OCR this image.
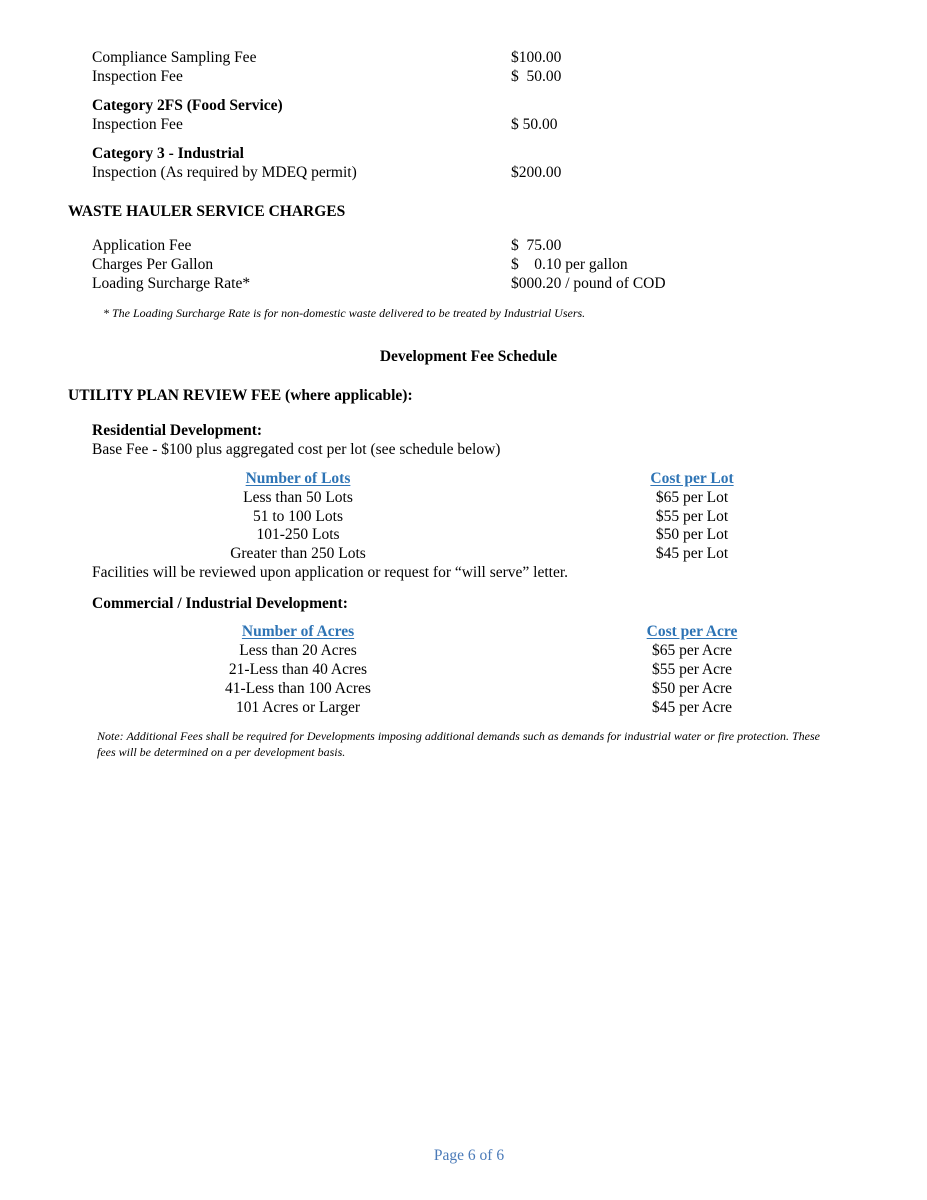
Compliance Sampling Fee	$100.00
Inspection Fee	$  50.00
Category 2FS (Food Service)
Inspection Fee	$ 50.00
Category 3 - Industrial
Inspection (As required by MDEQ permit)	$200.00
WASTE HAULER SERVICE CHARGES
Application Fee	$  75.00
Charges Per Gallon	$    0.10 per gallon
Loading Surcharge Rate*	$000.20 / pound of COD
* The Loading Surcharge Rate is for non-domestic waste delivered to be treated by Industrial Users.
Development Fee Schedule
UTILITY PLAN REVIEW FEE (where applicable):
Residential Development:
Base Fee - $100 plus aggregated cost per lot (see schedule below)
Number of Lots	Cost per Lot
Less than 50 Lots	$65 per Lot
51 to 100 Lots	$55 per Lot
101-250 Lots	$50 per Lot
Greater than 250 Lots	$45 per Lot
Facilities will be reviewed upon application or request for “will serve” letter.
Commercial / Industrial Development:
Number of Acres	Cost per Acre
Less than 20 Acres	$65 per Acre
21-Less than 40 Acres	$55 per Acre
41-Less than 100 Acres	$50 per Acre
101 Acres or Larger	$45 per Acre
Note: Additional Fees shall be required for Developments imposing additional demands such as demands for industrial water or fire protection. These fees will be determined on a per development basis.
Page 6 of 6
